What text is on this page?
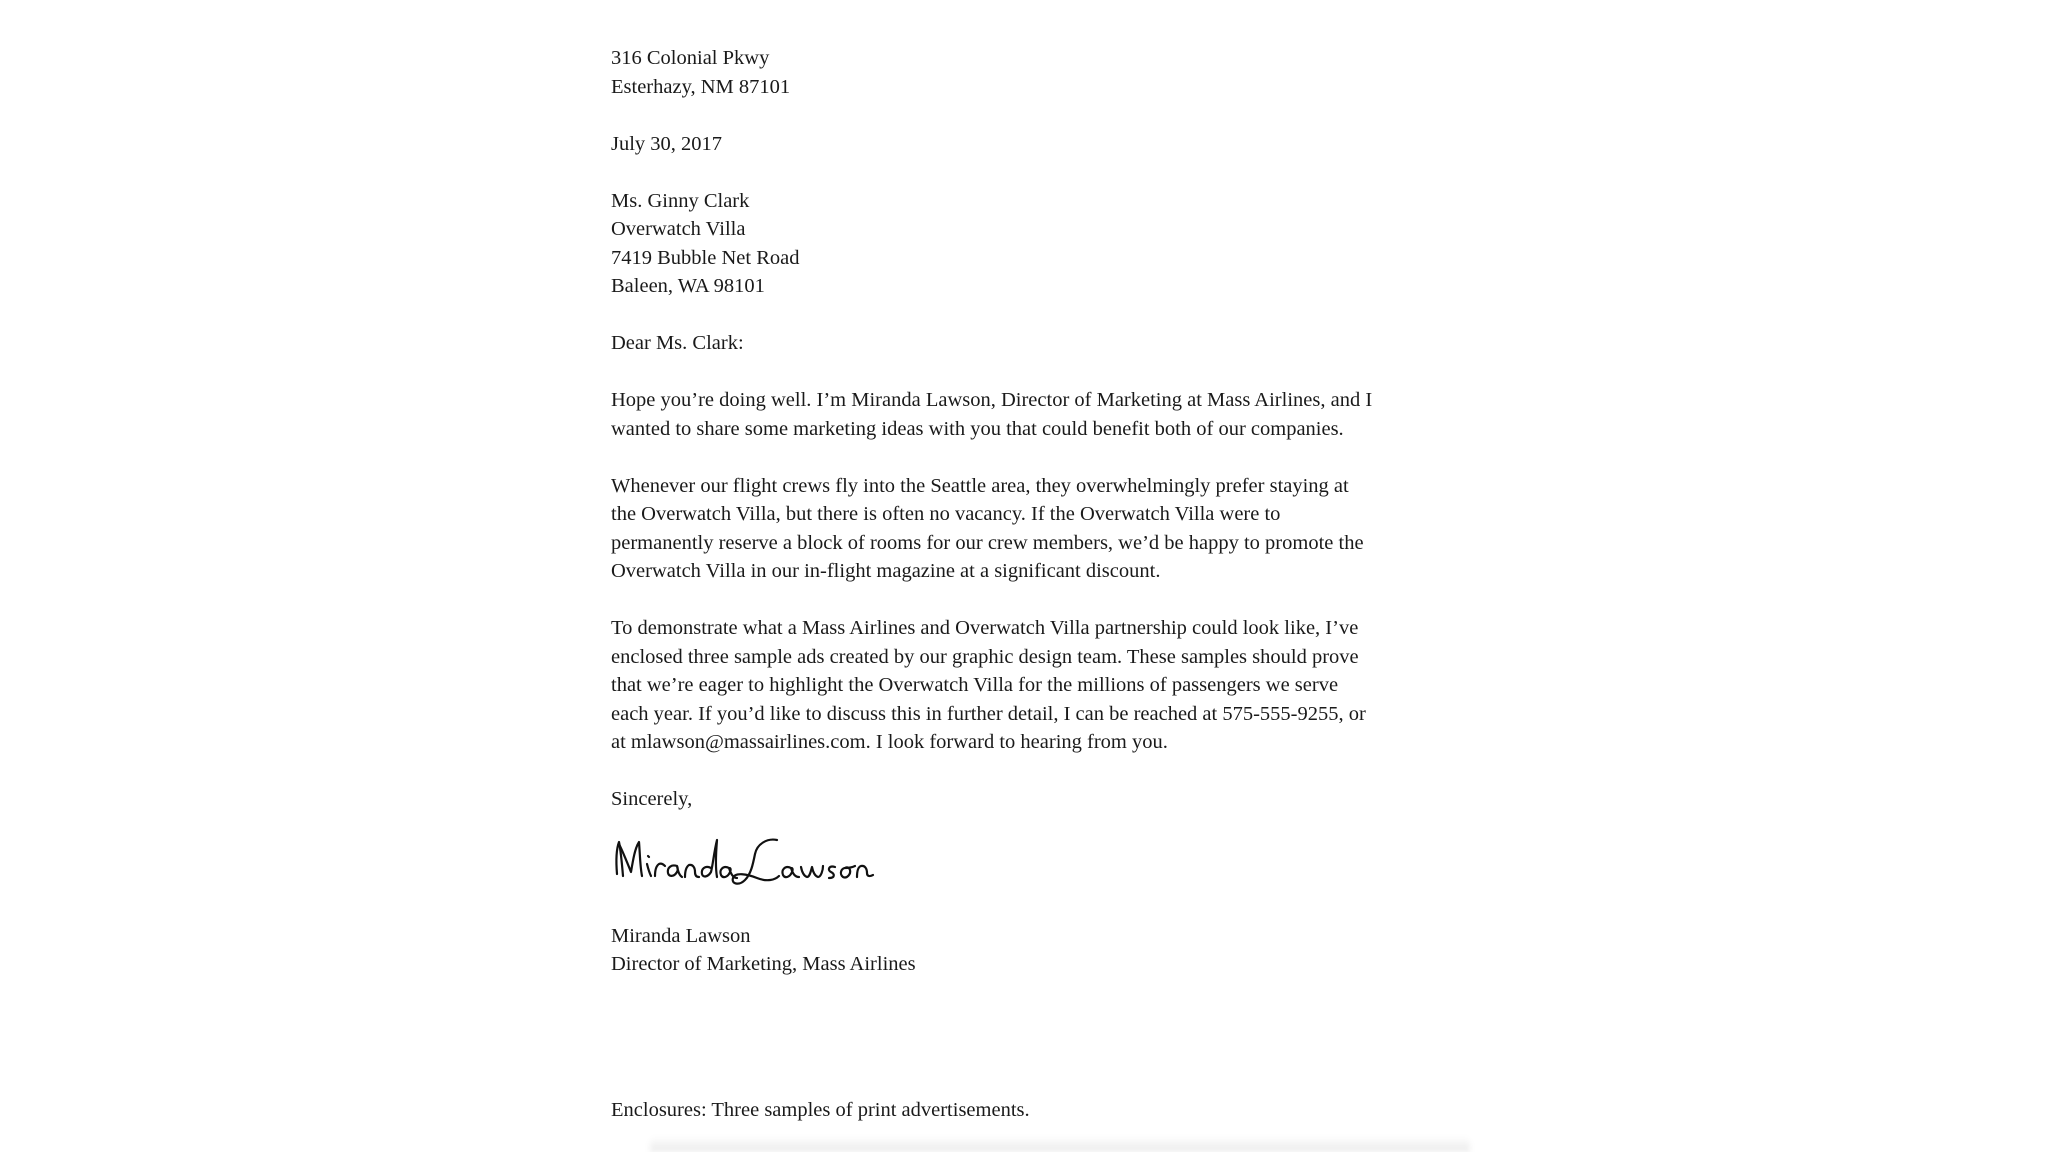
316 Colonial Pkwy
Esterhazy, NM 87101
July 30, 2017
Ms. Ginny Clark
Overwatch Villa
7419 Bubble Net Road
Baleen, WA 98101
Dear Ms. Clark:
Hope you’re doing well. I’m Miranda Lawson, Director of Marketing at Mass Airlines, and I
wanted to share some marketing ideas with you that could benefit both of our companies.
Whenever our flight crews fly into the Seattle area, they overwhelmingly prefer staying at
the Overwatch Villa, but there is often no vacancy. If the Overwatch Villa were to
permanently reserve a block of rooms for our crew members, we’d be happy to promote the
Overwatch Villa in our in-flight magazine at a significant discount.
To demonstrate what a Mass Airlines and Overwatch Villa partnership could look like, I’ve
enclosed three sample ads created by our graphic design team. These samples should prove
that we’re eager to highlight the Overwatch Villa for the millions of passengers we serve
each year. If you’d like to discuss this in further detail, I can be reached at 575-555-9255, or
at mlawson@massairlines.com. I look forward to hearing from you.
Sincerely,
Miranda Lawson
Director of Marketing, Mass Airlines
Enclosures: Three samples of print advertisements.
